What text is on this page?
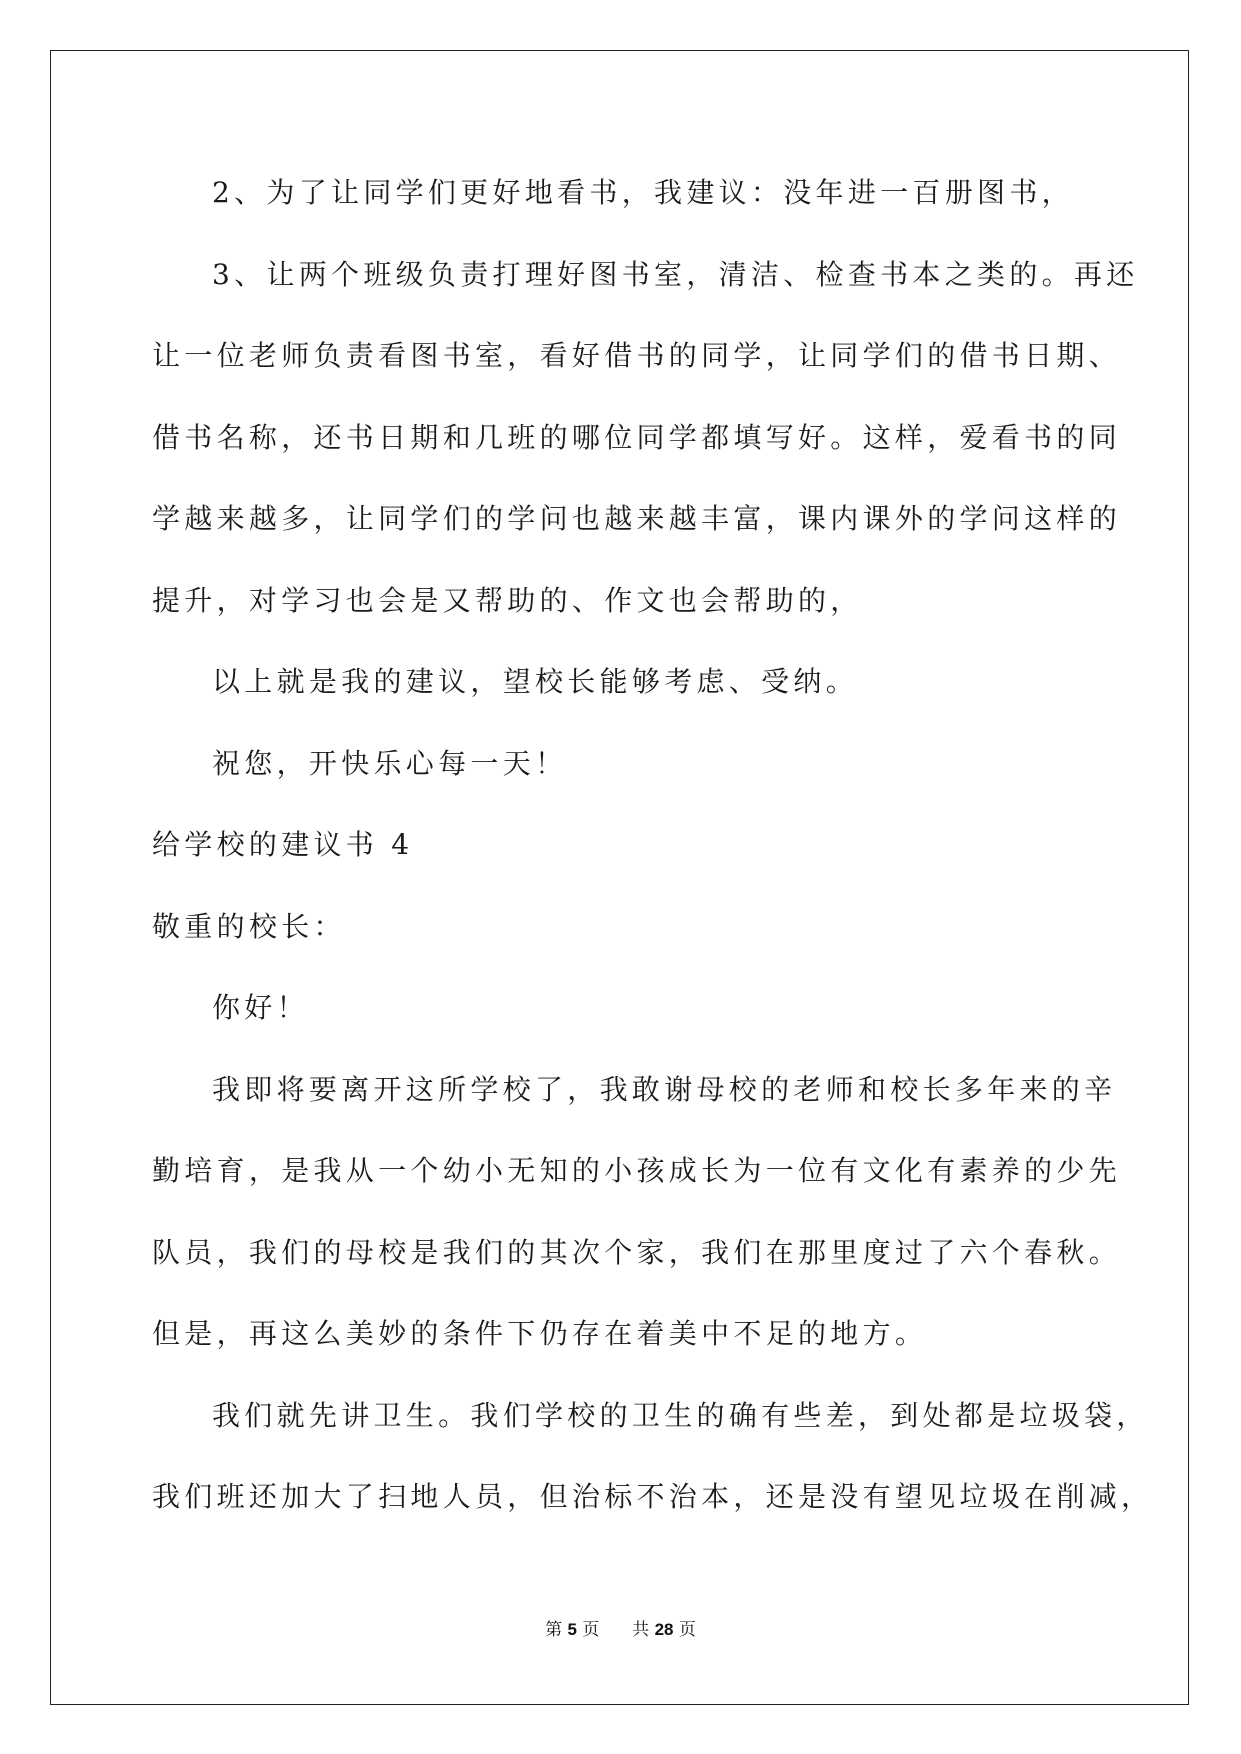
2、为了让同学们更好地看书，我建议：没年进一百册图书，
3、让两个班级负责打理好图书室，清洁、检查书本之类的。再还
让一位老师负责看图书室，看好借书的同学，让同学们的借书日期、
借书名称，还书日期和几班的哪位同学都填写好。这样，爱看书的同
学越来越多，让同学们的学问也越来越丰富，课内课外的学问这样的
提升，对学习也会是又帮助的、作文也会帮助的，
以上就是我的建议，望校长能够考虑、受纳。
祝您，开快乐心每一天！
给学校的建议书 4
敬重的校长：
你好！
我即将要离开这所学校了，我敢谢母校的老师和校长多年来的辛
勤培育，是我从一个幼小无知的小孩成长为一位有文化有素养的少先
队员，我们的母校是我们的其次个家，我们在那里度过了六个春秋。
但是，再这么美妙的条件下仍存在着美中不足的地方。
我们就先讲卫生。我们学校的卫生的确有些差，到处都是垃圾袋，
我们班还加大了扫地人员，但治标不治本，还是没有望见垃圾在削减，
第 5 页 共 28 页
